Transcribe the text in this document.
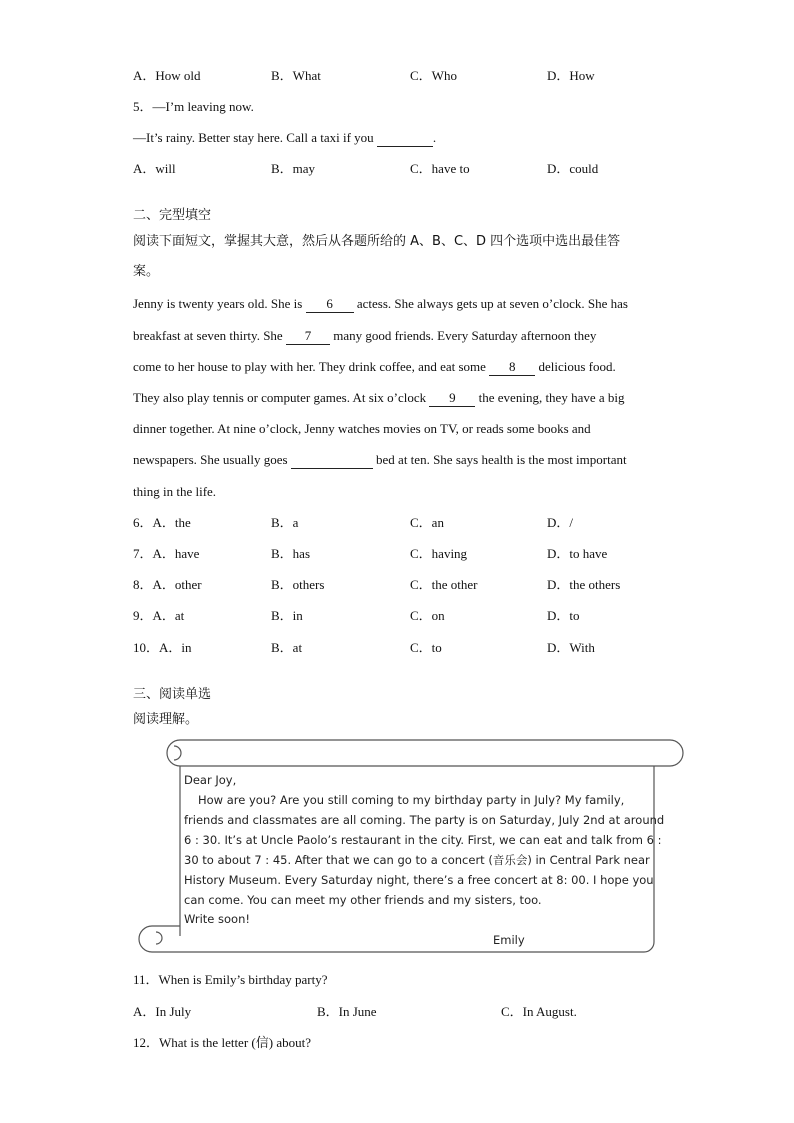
A．How old	B．What	C．Who	D．How
5．—I’m leaving now.
—It’s rainy. Better stay here. Call a taxi if you	.
A．will	B．may	C．have to	D．could
二、完型填空
阅读下面短文，掌握其大意，然后从各题所给的 A、B、C、D 四个选项中选出最佳答
案。
Jenny is twenty years old. She is 6 actess. She always gets up at seven o’clock. She has
breakfast at seven thirty. She 7 many good friends. Every Saturday afternoon they
come to her house to play with her. They drink coffee, and eat some 8 delicious food.
They also play tennis or computer games. At six o’clock 9 the evening, they have a big
dinner together. At nine o’clock, Jenny watches movies on TV, or reads some books and
newspapers. She usually goes	bed at ten. She says health is the most important
thing in the life.
6．A．the	B．a	C．an	D．/
7．A．have	B．has	C．having	D．to have
8．A．other	B．others	C．the other	D．the others
9．A．at	B．in	C．on	D．to
10．A．in	B．at	C．to	D．With
三、阅读单选
阅读理解。
Dear Joy,
How are you? Are you still coming to my birthday party in July? My family,
friends and classmates are all coming. The party is on Saturday, July 2nd at around
6 : 30. It’s at Uncle Paolo’s restaurant in the city. First, we can eat and talk from 6 :
30 to about 7 : 45. After that we can go to a concert (音乐会) in Central Park near
History Museum. Every Saturday night, there’s a free concert at 8: 00. I hope you
can come. You can meet my other friends and my sisters, too.
Write soon!
Emily
11．When is Emily’s birthday party?
A．In July	B．In June	C．In August.
12．What is the letter (信) about?
